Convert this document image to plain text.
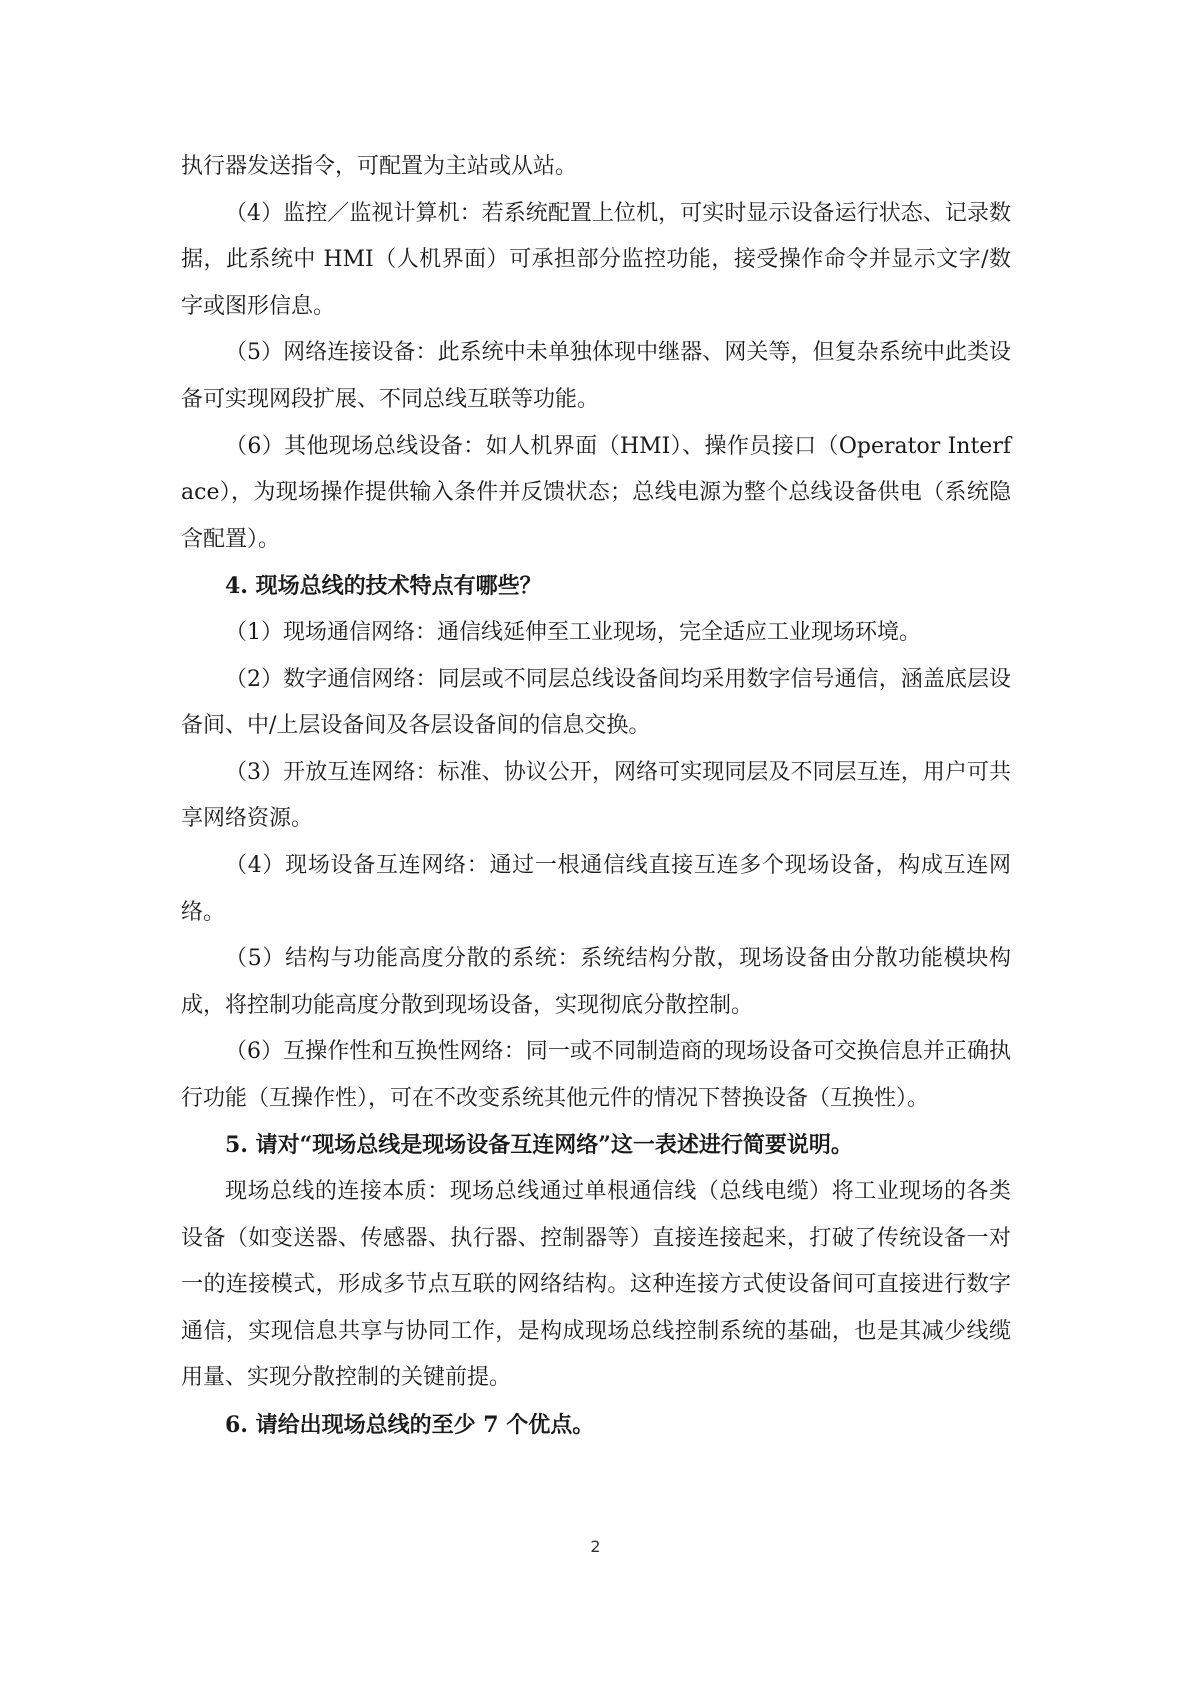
执行器发送指令，可配置为主站或从站。

（4）监控／监视计算机：若系统配置上位机，可实时显示设备运行状态、记录数据，此系统中 HMI（人机界面）可承担部分监控功能，接受操作命令并显示文字/数字或图形信息。

（5）网络连接设备：此系统中未单独体现中继器、网关等，但复杂系统中此类设备可实现网段扩展、不同总线互联等功能。

（6）其他现场总线设备：如人机界面（HMI）、操作员接口（Operator Interface），为现场操作提供输入条件并反馈状态；总线电源为整个总线设备供电（系统隐含配置）。

4. 现场总线的技术特点有哪些？

（1）现场通信网络：通信线延伸至工业现场，完全适应工业现场环境。

（2）数字通信网络：同层或不同层总线设备间均采用数字信号通信，涵盖底层设备间、中/上层设备间及各层设备间的信息交换。

（3）开放互连网络：标准、协议公开，网络可实现同层及不同层互连，用户可共享网络资源。

（4）现场设备互连网络：通过一根通信线直接互连多个现场设备，构成互连网络。

（5）结构与功能高度分散的系统：系统结构分散，现场设备由分散功能模块构成，将控制功能高度分散到现场设备，实现彻底分散控制。

（6）互操作性和互换性网络：同一或不同制造商的现场设备可交换信息并正确执行功能（互操作性），可在不改变系统其他元件的情况下替换设备（互换性）。

5. 请对“现场总线是现场设备互连网络”这一表述进行简要说明。

现场总线的连接本质：现场总线通过单根通信线（总线电缆）将工业现场的各类设备（如变送器、传感器、执行器、控制器等）直接连接起来，打破了传统设备一对一的连接模式，形成多节点互联的网络结构。这种连接方式使设备间可直接进行数字通信，实现信息共享与协同工作，是构成现场总线控制系统的基础，也是其减少线缆用量、实现分散控制的关键前提。

6. 请给出现场总线的至少 7 个优点。

2
